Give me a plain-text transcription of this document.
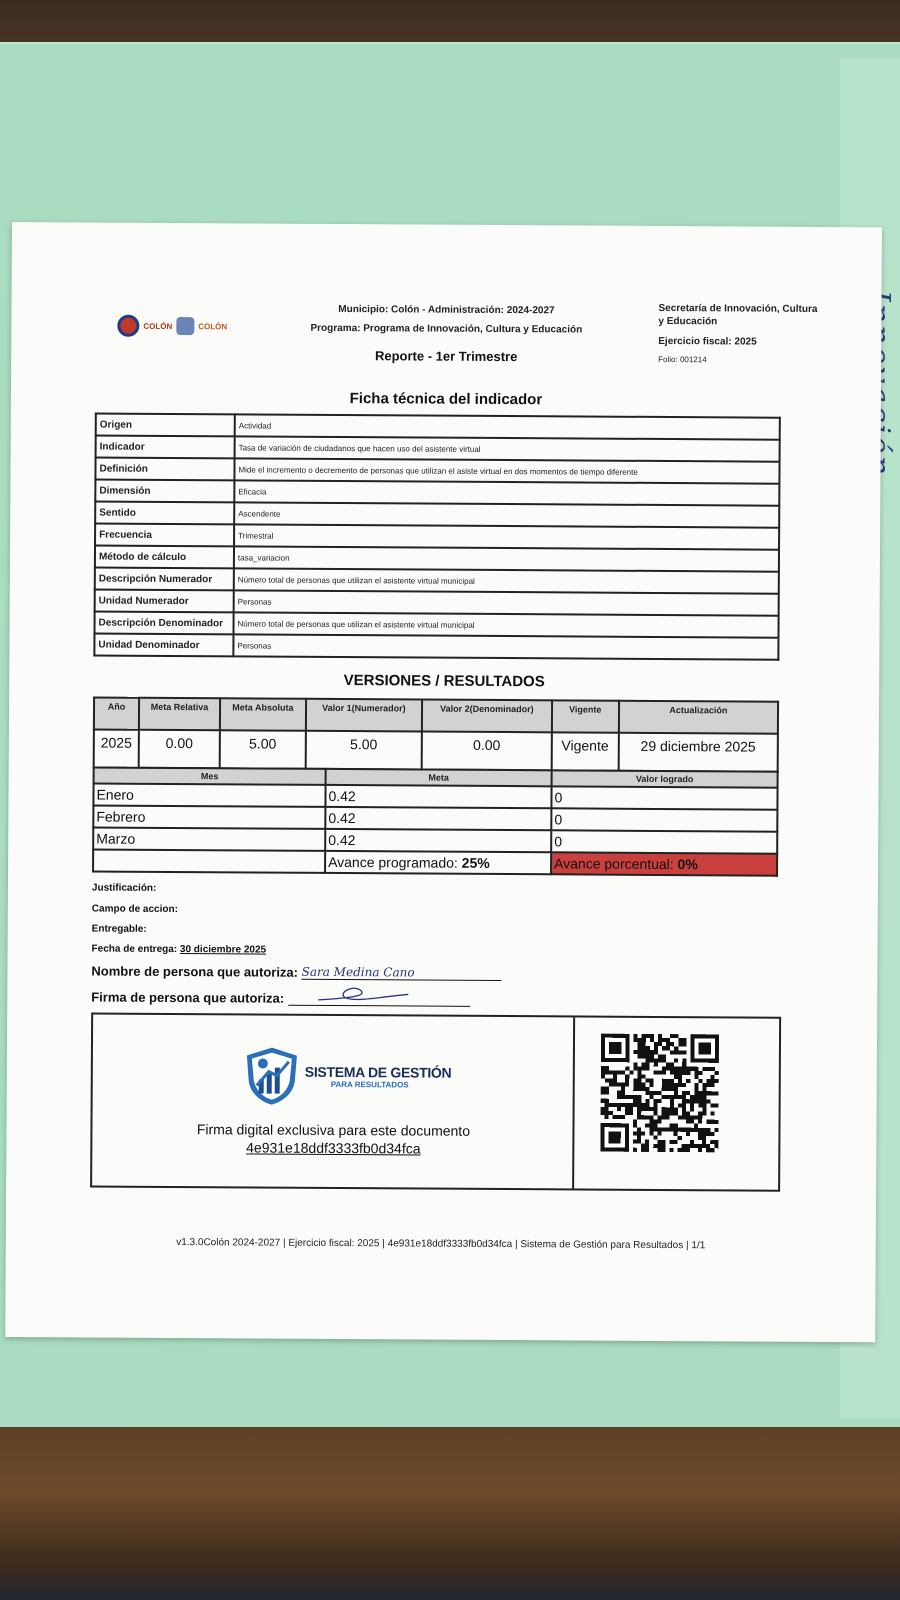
COLÓN	COLÓN
Municipio: Colón - Administración: 2024-2027
Programa: Programa de Innovación, Cultura y Educación
Reporte - 1er Trimestre
Secretaría de Innovación, Cultura y Educación
Ejercicio fiscal: 2025
Folio: 001214
Ficha técnica del indicador
Origen	Actividad
Indicador	Tasa de variación de ciudadanos que hacen uso del asistente virtual
Definición	Mide el incremento o decremento de personas que utilizan el asiste virtual en dos momentos de tiempo diferente
Dimensión	Eficacia
Sentido	Ascendente
Frecuencia	Trimestral
Método de cálculo	tasa_variacion
Descripción Numerador	Número total de personas que utilizan el asistente virtual municipal
Unidad Numerador	Personas
Descripción Denominador	Número total de personas que utilizan el asistente virtual municipal
Unidad Denominador	Personas
VERSIONES / RESULTADOS
Año	Meta Relativa	Meta Absoluta	Valor 1(Numerador)	Valor 2(Denominador)	Vigente	Actualización
2025	0.00	5.00	5.00	0.00	Vigente	29 diciembre 2025
Mes	Meta	Valor logrado
Enero	0.42	0
Febrero	0.42	0
Marzo	0.42	0
	Avance programado: 25%	Avance porcentual: 0%
Justificación:
Campo de accion:
Entregable:
Fecha de entrega: 30 diciembre 2025
Nombre de persona que autoriza: Sara Medina Cano
Firma de persona que autoriza:
SISTEMA DE GESTIÓN
PARA RESULTADOS
Firma digital exclusiva para este documento
4e931e18ddf3333fb0d34fca
v1.3.0Colón 2024-2027 | Ejercicio fiscal: 2025 | 4e931e18ddf3333fb0d34fca | Sistema de Gestión para Resultados | 1/1
